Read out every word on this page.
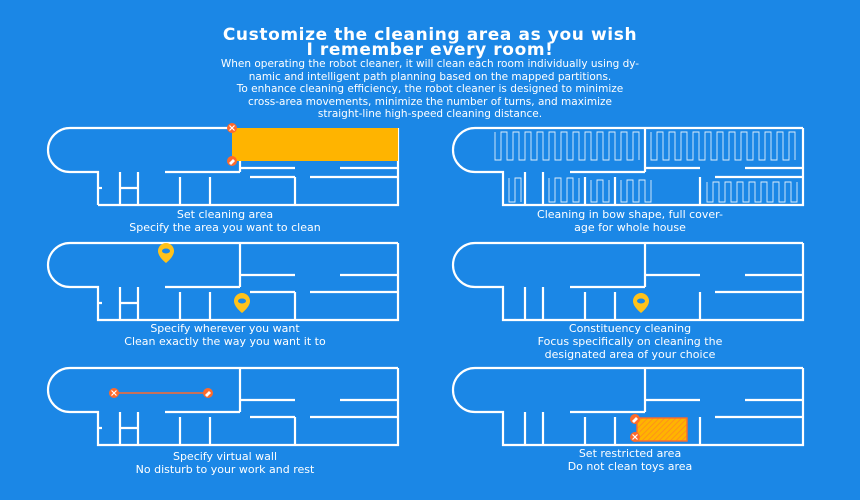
Customize the cleaning area as you wish
I remember every room!
When operating the robot cleaner, it will clean each room individually using dy-
namic and intelligent path planning based on the mapped partitions.
To enhance cleaning efficiency, the robot cleaner is designed to minimize
cross-area movements, minimize the number of turns, and maximize
straight-line high-speed cleaning distance.
Set cleaning area
Specify the area you want to clean
Cleaning in bow shape, full cover-
age for whole house
Specify wherever you want
Clean exactly the way you want it to
Constituency cleaning
Focus specifically on cleaning the
designated area of your choice
Specify virtual wall
No disturb to your work and rest
Set restricted area
Do not clean toys area
